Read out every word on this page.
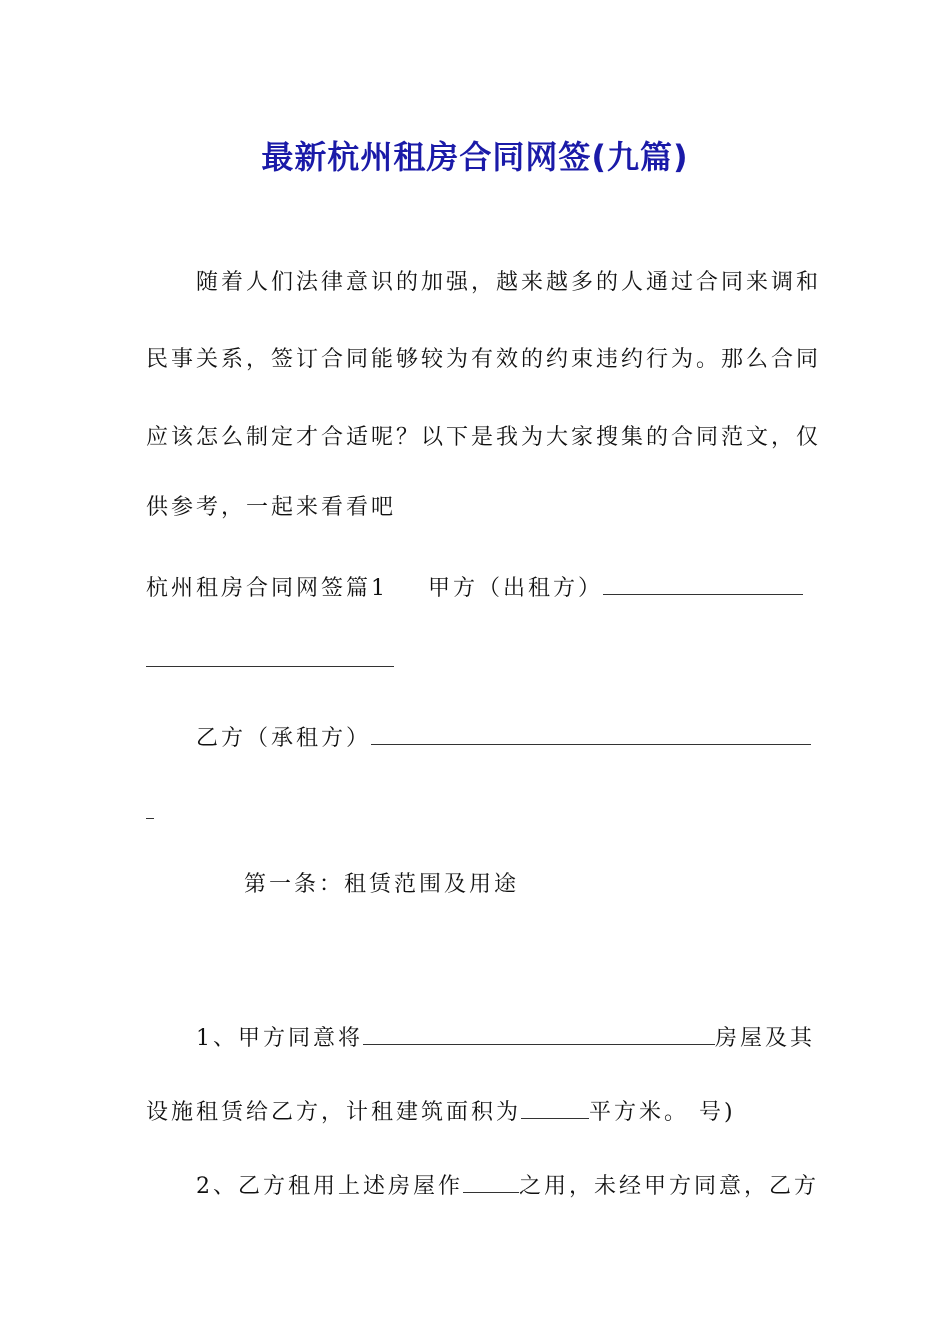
最新杭州租房合同网签(九篇)

随着人们法律意识的加强，越来越多的人通过合同来调和

民事关系，签订合同能够较为有效的约束违约行为。那么合同

应该怎么制定才合适呢？以下是我为大家搜集的合同范文，仅

供参考，一起来看看吧

杭州租房合同网签篇1 甲方（出租方）

乙方（承租方）

第一条：租赁范围及用途

1、甲方同意将	房屋及其

设施租赁给乙方，计租建筑面积为	平方米。 号)

2、乙方租用上述房屋作	之用，未经甲方同意，乙方
